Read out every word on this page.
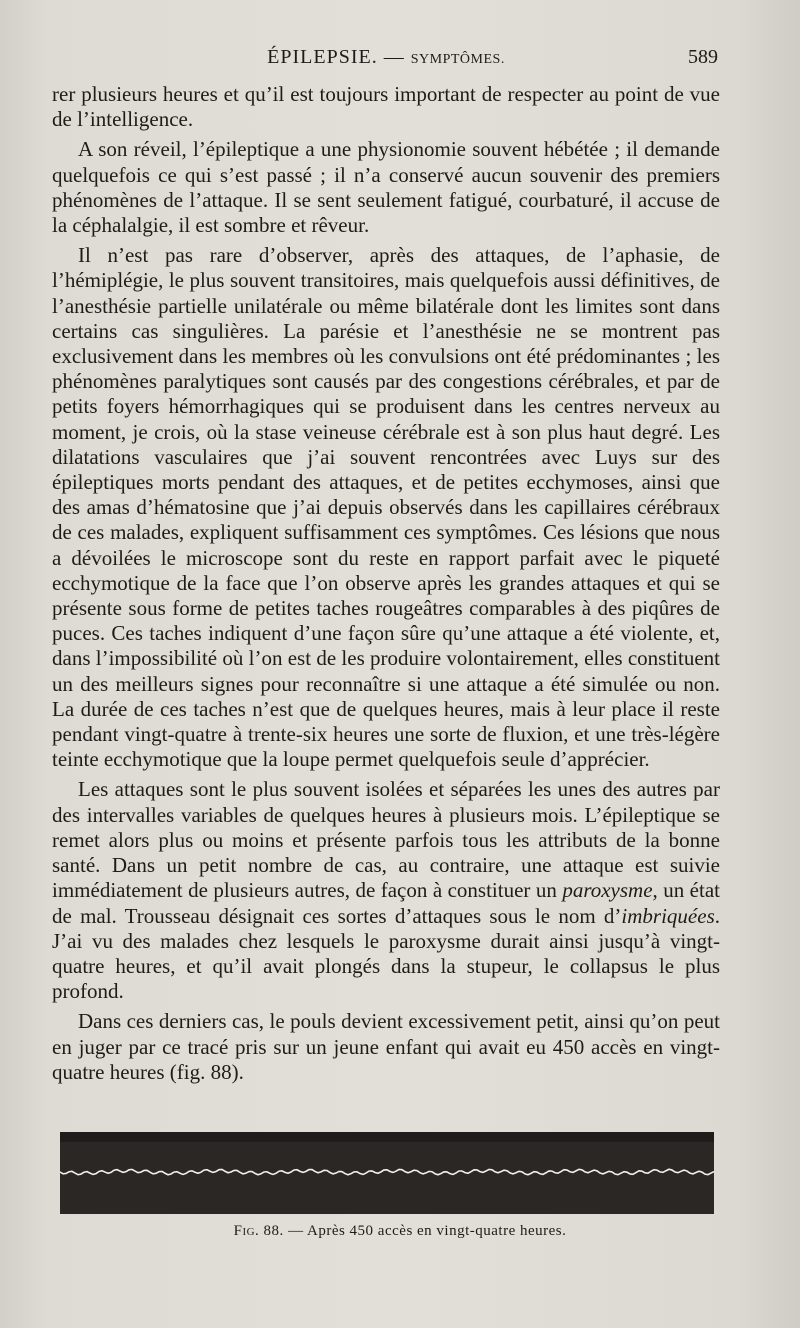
ÉPILEPSIE. — SYMPTÔMES.	589

rer plusieurs heures et qu’il est toujours important de respecter au point de vue de l’intelligence.

A son réveil, l’épileptique a une physionomie souvent hébétée ; il demande quelquefois ce qui s’est passé ; il n’a conservé aucun souvenir des premiers phénomènes de l’attaque. Il se sent seulement fatigué, courbaturé, il accuse de la céphalalgie, il est sombre et rêveur.

Il n’est pas rare d’observer, après des attaques, de l’aphasie, de l’hémiplégie, le plus souvent transitoires, mais quelquefois aussi définitives, de l’anesthésie partielle unilatérale ou même bilatérale dont les limites sont dans certains cas singulières. La parésie et l’anesthésie ne se montrent pas exclusivement dans les membres où les convulsions ont été prédominantes ; les phénomènes paralytiques sont causés par des congestions cérébrales, et par de petits foyers hémorrhagiques qui se produisent dans les centres nerveux au moment, je crois, où la stase veineuse cérébrale est à son plus haut degré. Les dilatations vasculaires que j’ai souvent rencontrées avec Luys sur des épileptiques morts pendant des attaques, et de petites ecchymoses, ainsi que des amas d’hématosine que j’ai depuis observés dans les capillaires cérébraux de ces malades, expliquent suffisamment ces symptômes. Ces lésions que nous a dévoilées le microscope sont du reste en rapport parfait avec le piqueté ecchymotique de la face que l’on observe après les grandes attaques et qui se présente sous forme de petites taches rougeâtres comparables à des piqûres de puces. Ces taches indiquent d’une façon sûre qu’une attaque a été violente, et, dans l’impossibilité où l’on est de les produire volontairement, elles constituent un des meilleurs signes pour reconnaître si une attaque a été simulée ou non. La durée de ces taches n’est que de quelques heures, mais à leur place il reste pendant vingt-quatre à trente-six heures une sorte de fluxion, et une très-légère teinte ecchymotique que la loupe permet quelquefois seule d’apprécier.

Les attaques sont le plus souvent isolées et séparées les unes des autres par des intervalles variables de quelques heures à plusieurs mois. L’épileptique se remet alors plus ou moins et présente parfois tous les attributs de la bonne santé. Dans un petit nombre de cas, au contraire, une attaque est suivie immédiatement de plusieurs autres, de façon à constituer un paroxysme, un état de mal. Trousseau désignait ces sortes d’attaques sous le nom d’imbriquées. J’ai vu des malades chez lesquels le paroxysme durait ainsi jusqu’à vingt-quatre heures, et qu’il avait plongés dans la stupeur, le collapsus le plus profond.

Dans ces derniers cas, le pouls devient excessivement petit, ainsi qu’on peut en juger par ce tracé pris sur un jeune enfant qui avait eu 450 accès en vingt-quatre heures (fig. 88).

Fig. 88. — Après 450 accès en vingt-quatre heures.
